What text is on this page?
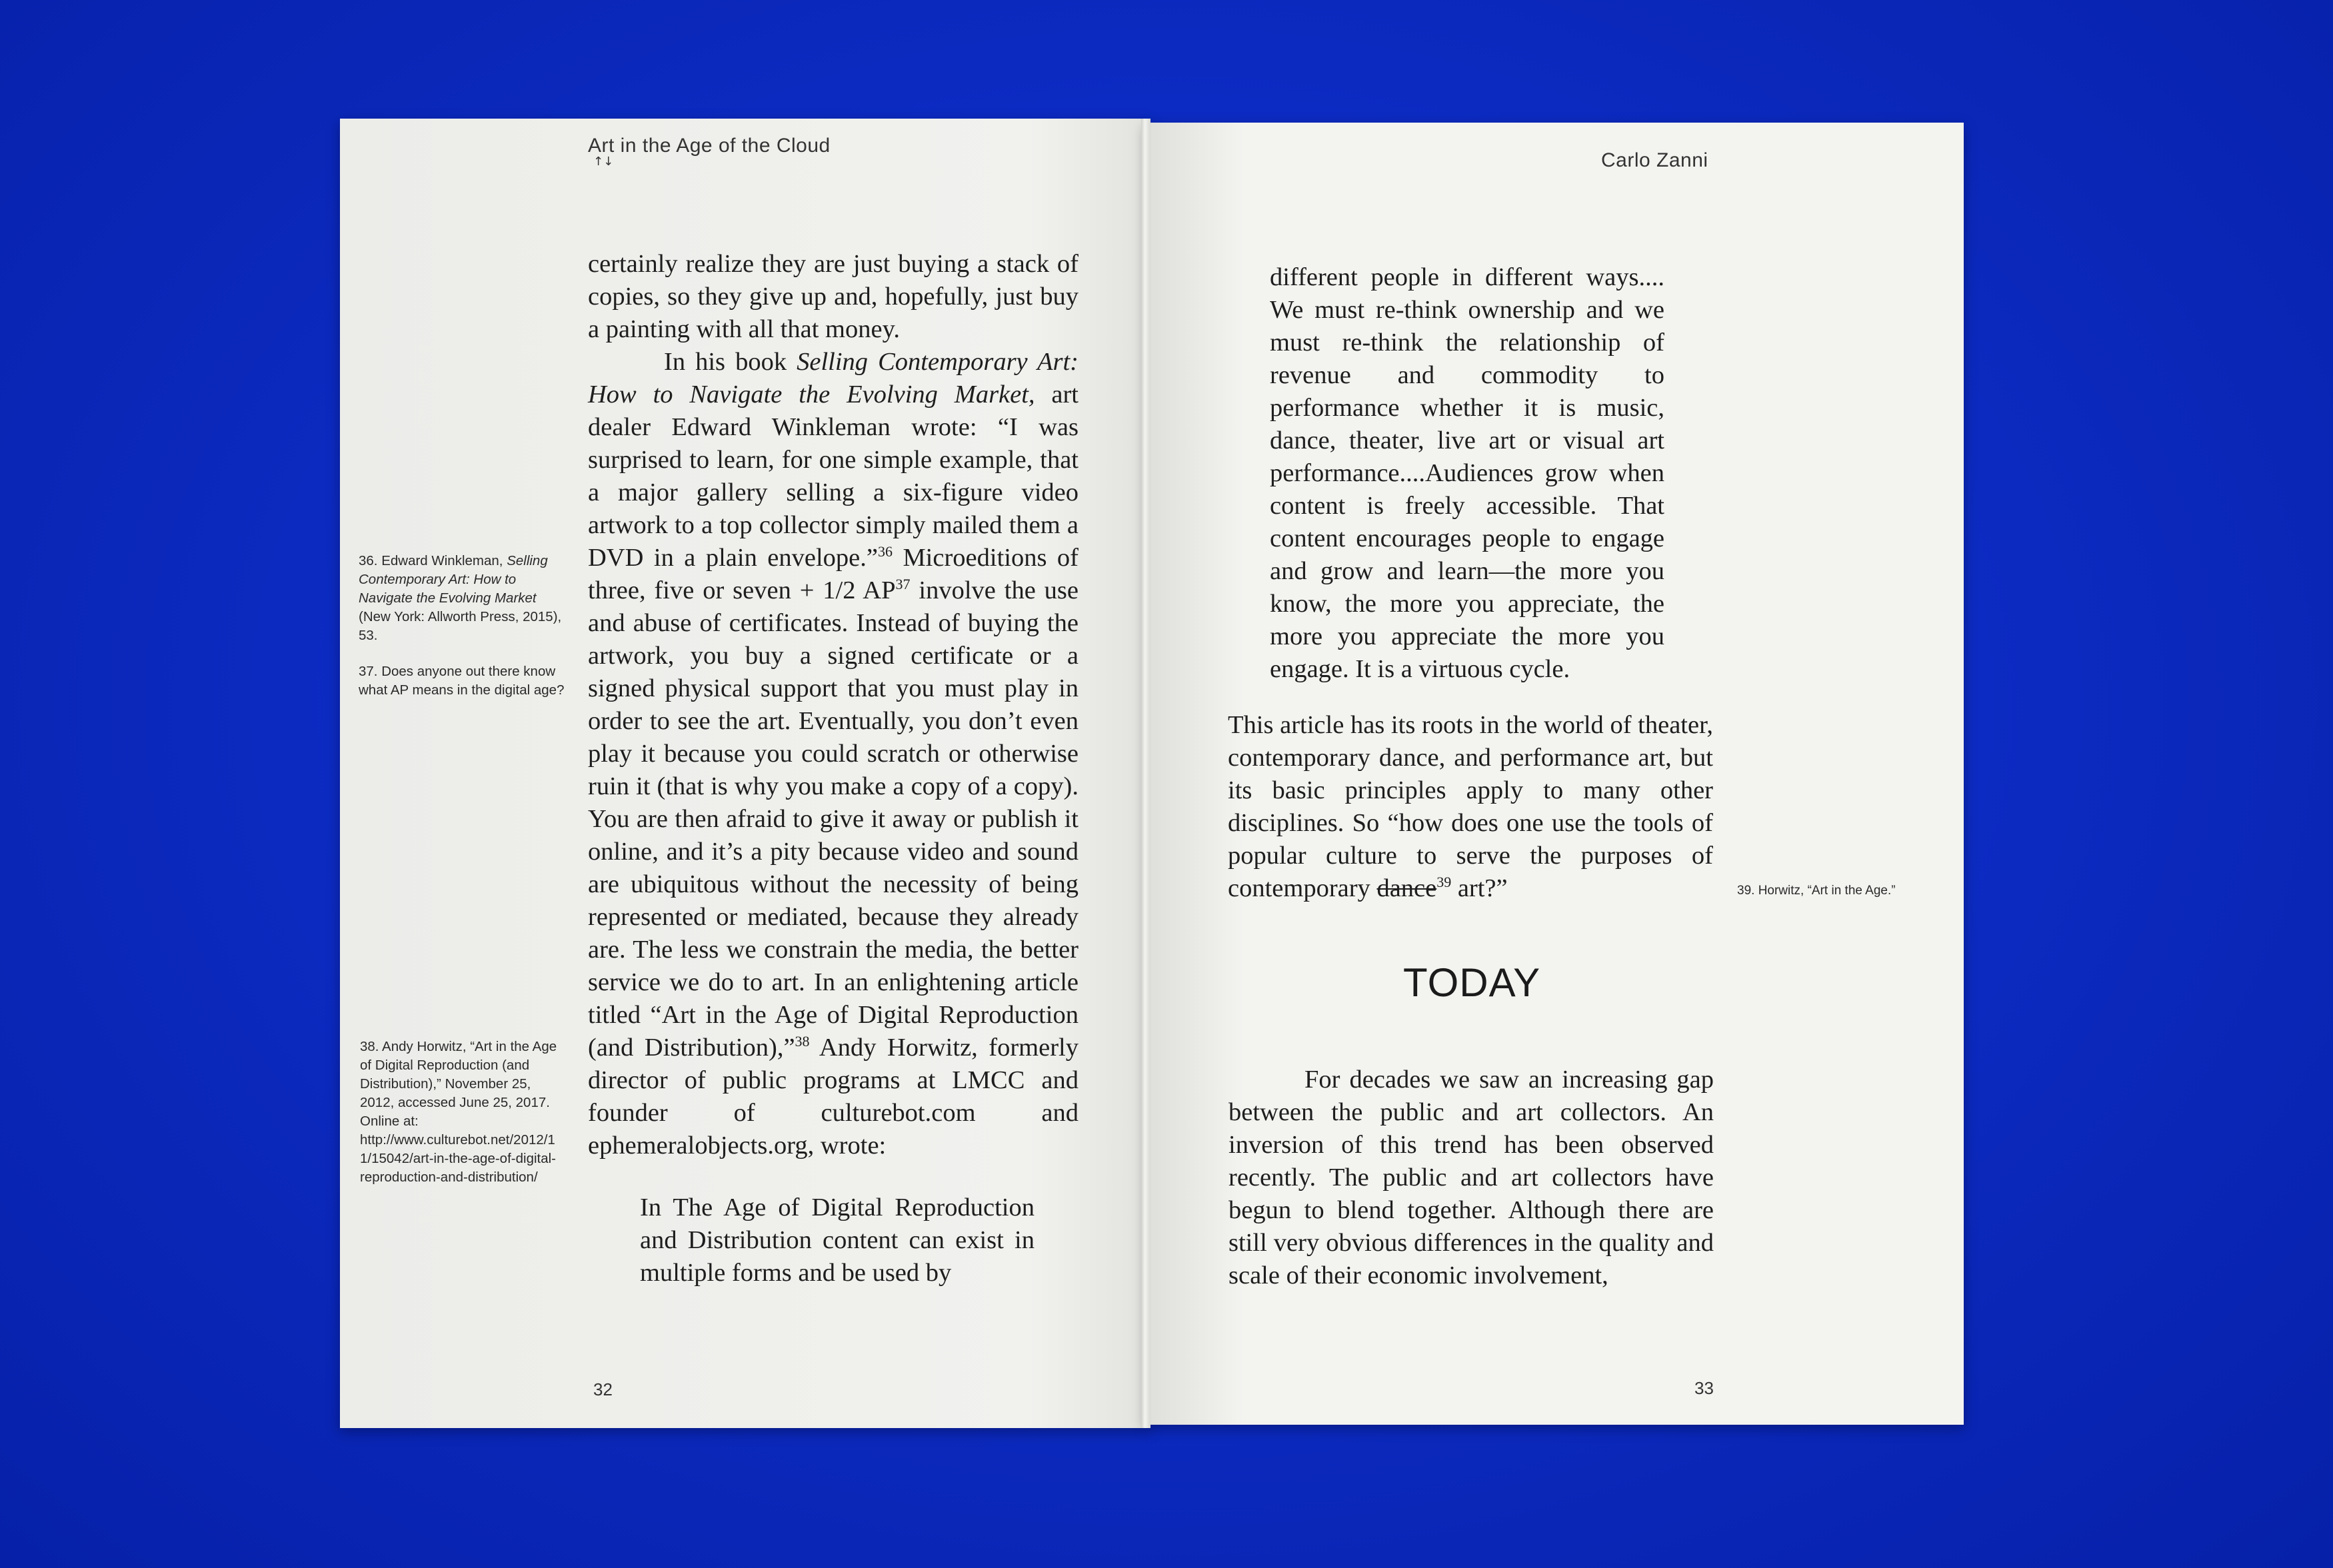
Art in the Age of the Cloud
↑↓

certainly realize they are just buying a stack of copies, so they give up and, hopefully, just buy a painting with all that money.

In his book Selling Contemporary Art: How to Navigate the Evolving Market, art dealer Edward Winkleman wrote: “I was surprised to learn, for one simple example, that a major gallery selling a six-figure video artwork to a top collector simply mailed them a DVD in a plain envelope.”$^{36}$ Microeditions of three, five or seven + 1/2 AP$^{37}$ involve the use and abuse of certificates. Instead of buying the artwork, you buy a signed certificate or a signed physical support that you must play in order to see the art. Eventually, you don’t even play it because you could scratch or otherwise ruin it (that is why you make a copy of a copy). You are then afraid to give it away or publish it online, and it’s a pity because video and sound are ubiquitous without the necessity of being represented or mediated, because they already are. The less we constrain the media, the better service we do to art. In an enlightening article titled “Art in the Age of Digital Reproduction (and Distribution),”$^{38}$ Andy Horwitz, formerly director of public programs at LMCC and founder of culturebot.com and ephemeralobjects.org, wrote:

In The Age of Digital Reproduction and Distribution content can exist in multiple forms and be used by

36. Edward Winkleman, Selling Contemporary Art: How to Navigate the Evolving Market (New York: Allworth Press, 2015), 53.

37. Does anyone out there know what AP means in the digital age?

38. Andy Horwitz, “Art in the Age of Digital Reproduction (and Distribution),” November 25, 2012, accessed June 25, 2017. Online at: http://www.culturebot.net/2012/11/15042/art-in-the-age-of-digital-reproduction-and-distribution/

32
Carlo Zanni

different people in different ways.... We must re-think ownership and we must re-think the relationship of revenue and commodity to performance whether it is music, dance, theater, live art or visual art performance....Audiences grow when content is freely accessible. That content encourages people to engage and grow and learn—the more you know, the more you appreciate, the more you appreciate the more you engage. It is a virtuous cycle.

This article has its roots in the world of theater, contemporary dance, and performance art, but its basic principles apply to many other disciplines. So “how does one use the tools of popular culture to serve the purposes of contemporary dance$^{39}$ art?”	39. Horwitz, “Art in the Age.”
TODAY

For decades we saw an increasing gap between the public and art collectors. An inversion of this trend has been observed recently. The public and art collectors have begun to blend together. Although there are still very obvious differences in the quality and scale of their economic involvement,

33
